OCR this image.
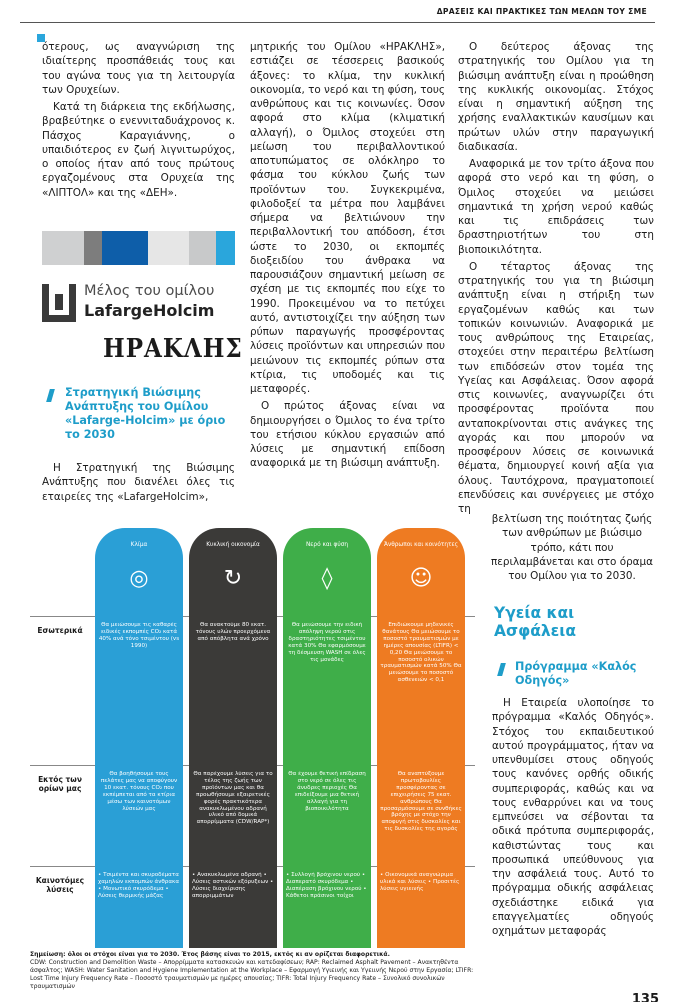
ΔΡΑΣΕΙΣ ΚΑΙ ΠΡΑΚΤΙΚΕΣ ΤΩΝ ΜΕΛΩΝ ΤΟΥ ΣΜΕ

ότερους, ως αναγνώριση της ιδιαίτερης προσπάθειάς τους και του αγώνα τους για τη λειτουργία των Ορυχείων.

Κατά τη διάρκεια της εκδήλωσης, βραβεύτηκε ο ενεννιταδυάχρονος κ. Πάσχος Καραγιάννης, ο υπαιδιότερος εν ζωή λιγνιτωρύχος, ο οποίος ήταν από τους πρώτους εργαζομένους στα Ορυχεία της «ΛΙΠΤΟΛ» και της «ΔΕΗ».

Μέλος του ομίλου
LafargeHolcim
ΗΡΑΚΛΗΣ
Στρατηγική Βιώσιμης Ανάπτυξης του Ομίλου «Lafarge-Holcim» με όριο το 2030

Η Στρατηγική της Βιώσιμης Ανάπτυξης που διανέλει όλες τις εταιρείες της «LafargeHolcim»,

μητρικής του Ομίλου «ΗΡΑΚΛΗΣ», εστιάζει σε τέσσερεις βασικούς άξονες: το κλίμα, την κυκλική οικονομία, το νερό και τη φύση, τους ανθρώπους και τις κοινωνίες. Όσον αφορά στο κλίμα (κλιματική αλλαγή), ο Όμιλος στοχεύει στη μείωση του περιβαλλοντικού αποτυπώματος σε ολόκληρο το φάσμα του κύκλου ζωής των προϊόντων του. Συγκεκριμένα, φιλοδοξεί τα μέτρα που λαμβάνει σήμερα να βελτιώνουν την περιβαλλοντική του απόδοση, έτσι ώστε το 2030, οι εκπομπές διοξειδίου του άνθρακα να παρουσιάζουν σημαντική μείωση σε σχέση με τις εκπομπές που είχε το 1990. Προκειμένου να το πετύχει αυτό, αντιστοιχίζει την αύξηση των ρύπων παραγωγής προσφέροντας λύσεις προϊόντων και υπηρεσιών που μειώνουν τις εκπομπές ρύπων στα κτίρια, τις υποδομές και τις μεταφορές.

Ο πρώτος άξονας είναι να δημιουργήσει ο Όμιλος το ένα τρίτο του ετήσιου κύκλου εργασιών από λύσεις με σημαντική επίδοση αναφορικά με τη βιώσιμη ανάπτυξη.

Ο δεύτερος άξονας της στρατηγικής του Ομίλου για τη βιώσιμη ανάπτυξη είναι η προώθηση της κυκλικής οικονομίας. Στόχος είναι η σημαντική αύξηση της χρήσης εναλλακτικών καυσίμων και πρώτων υλών στην παραγωγική διαδικασία.

Αναφορικά με τον τρίτο άξονα που αφορά στο νερό και τη φύση, ο Όμιλος στοχεύει να μειώσει σημαντικά τη χρήση νερού καθώς και τις επιδράσεις των δραστηριοτήτων του στη βιοποικιλότητα.

Ο τέταρτος άξονας της στρατηγικής του για τη βιώσιμη ανάπτυξη είναι η στήριξη των εργαζομένων καθώς και των τοπικών κοινωνιών. Αναφορικά με τους ανθρώπους της Εταιρείας, στοχεύει στην περαιτέρω βελτίωση των επιδόσεών στον τομέα της Υγείας και Ασφάλειας. Όσον αφορά στις κοινωνίες, αναγνωρίζει ότι προσφέροντας προϊόντα που ανταποκρίνονται στις ανάγκες της αγοράς και που μπορούν να προσφέρουν λύσεις σε κοινωνικά θέματα, δημιουργεί κοινή αξία για όλους. Ταυτόχρονα, πραγματοποιεί επενδύσεις και συνέργειες με στόχο τη

βελτίωση της ποιότητας ζωής των ανθρώπων με βιώσιμο τρόπο, κάτι που περιλαμβάνεται και στο όραμα του Ομίλου για το 2030.
Υγεία και Ασφάλεια
Πρόγραμμα «Καλός Οδηγός»

Η Εταιρεία υλοποίησε το πρόγραμμα «Καλός Οδηγός». Στόχος του εκπαιδευτικού αυτού προγράμματος, ήταν να υπενθυμίσει στους οδηγούς τους κανόνες ορθής οδικής συμπεριφοράς, καθώς και να τους ενθαρρύνει και να τους εμπνεύσει να σέβονται τα οδικά πρότυπα συμπεριφοράς, καθιστώντας τους και προσωπικά υπεύθυνους για την ασφάλειά τους. Αυτό το πρόγραμμα οδικής ασφάλειας σχεδιάστηκε ειδικά για επαγγελματίες οδηγούς οχημάτων μεταφοράς

Εσωτερικά
Εκτός των ορίων μας
Καινοτόμες λύσεις
Κλίμα
◎
Θα μειώσουμε τις καθαρές ειδικές εκπομπές CO₂ κατά 40% ανά τόνο τσιμέντου (vs 1990)
Θα βοηθήσουμε τους πελάτες μας να αποφύγουν 10 εκατ. τόνους CO₂ που εκπέμπεται από τα κτίρια μέσω των καινοτόμων λύσεών μας
• Τσιμέντα και σκυροδέματα χαμηλών εκπομπών άνθρακα • Μονωτικό σκυρόδεμα • Λύσεις θερμικής μάζας
Κυκλική οικονομία
↻
Θα ανακτούμε 80 εκατ. τόνους υλών προερχόμενα από απόβλητα ανά χρόνο
Θα παρέχουμε λύσεις για το τέλος της ζωής των προϊόντων μας και θα προωθήσουμε εξαιρετικές φορές πρακτικότερα ανακυκλωμένου αδρανή υλικό από δομικά απορρίμματα (CDW/RAP*)
• Ανακυκλωμένα αδρανή • Λύσεις αστικών εξόρυξεων • Λύσεις διαχείρισης απορριμμάτων
Νερό και φύση
◊
Θα μειώσουμε την ειδική απόληψη νερού στις δραστηριότητες τσιμέντου κατά 30% Θα εφαρμόσουμε τη δέσμευση WASH σε όλες τις μονάδες
Θα έχουμε θετική επίδραση στο νερό σε όλες τις άνυδρες περιοχές Θα επιδείξουμε μια θετική αλλαγή για τη βιοποικιλότητα
• Συλλογή βρόχινου νερού • Διαπερατό σκυρόδεμα • Διαπέραση βρόχινου νερού • Κάθετοι πράσινοι τοίχοι
Άνθρωποι και κοινότητες
☺
Επιδιώκουμε μηδενικές θανάτους Θα μειώσουμε το ποσοστό τραυματισμών με ημέρες απουσίας (LTIFR) < 0,20 Θα μειώσουμε το ποσοστό ολικών τραυματισμών κατά 50% Θα μειώσουμε το ποσοστό ασθενειών < 0,1
Θα αναπτύξουμε πρωτοβουλίες προσφέροντας σε επιχειρήσεις 75 εκατ. ανθρώπους Θα προσαρμόσουμε σε συνθήκες βρόχης με στόχο την αποφυγή στις δυσκολίες και τις δυσκολίες της αγοράς
• Οικονομικά αναγνώριμα υλικά και λύσεις • Προσιτές λύσεις υγιεινής
Σημείωση: όλοι οι στόχοι είναι για το 2030. Έτος βάσης είναι το 2015, εκτός κι αν ορίζεται διαφορετικά.
CDW: Construction and Demolition Waste – Απορρίμματα κατασκευών και κατεδαφίσεων; RAP: Reclaimed Asphalt Pavement – Ανακτηθέντα άσφαλτος; WASH: Water Sanitation and Hygiene Implementation at the Workplace – Εφαρμογή Υγιεινής και Υγειινής Νερού στην Εργασία; LTIFR: Lost Time Injury Frequency Rate – Ποσοστό τραυματισμών με ημέρες απουσίας; TIFR: Total Injury Frequency Rate – Συνολικό συνολικών τραυματισμών
135
